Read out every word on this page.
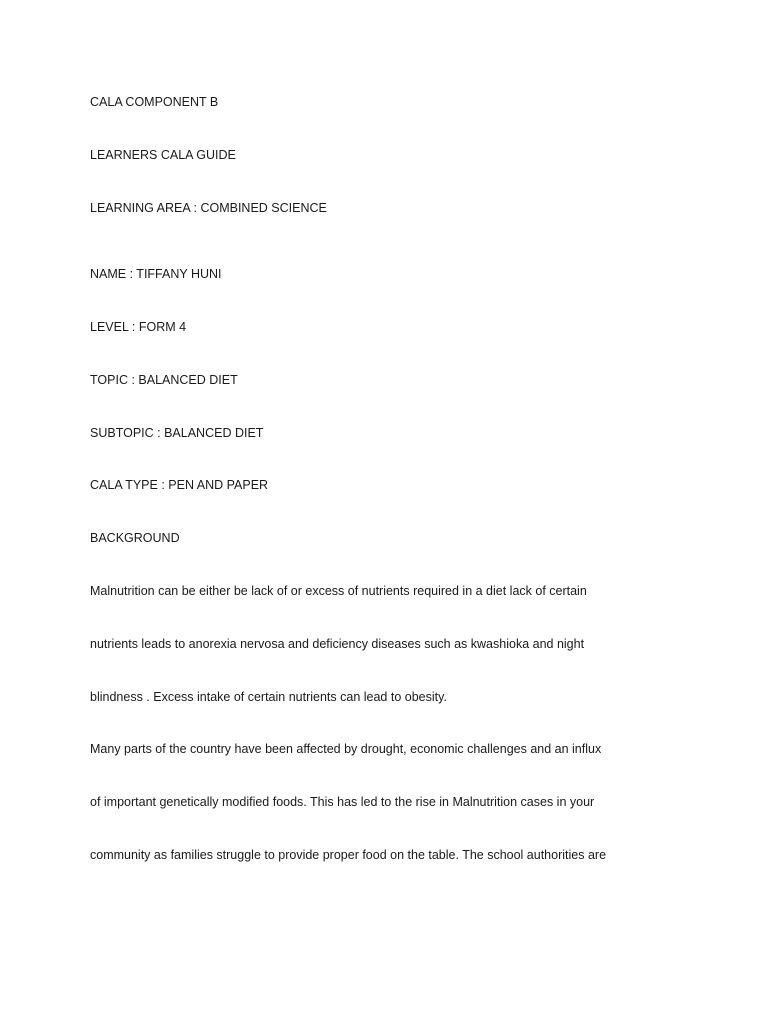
CALA COMPONENT B
LEARNERS CALA GUIDE
LEARNING AREA : COMBINED SCIENCE
NAME : TIFFANY HUNI
LEVEL : FORM 4
TOPIC : BALANCED DIET
SUBTOPIC : BALANCED DIET
CALA TYPE : PEN AND PAPER
BACKGROUND
Malnutrition can be either be lack of or excess of nutrients required in a diet lack of certain
nutrients leads to anorexia nervosa and deficiency diseases such as kwashioka and night
blindness . Excess intake of certain nutrients can lead to obesity.
Many parts of the country have been affected by drought, economic challenges and an influx
of important genetically modified foods. This has led to the rise in Malnutrition cases in your
community as families struggle to provide proper food on the table. The school authorities are
